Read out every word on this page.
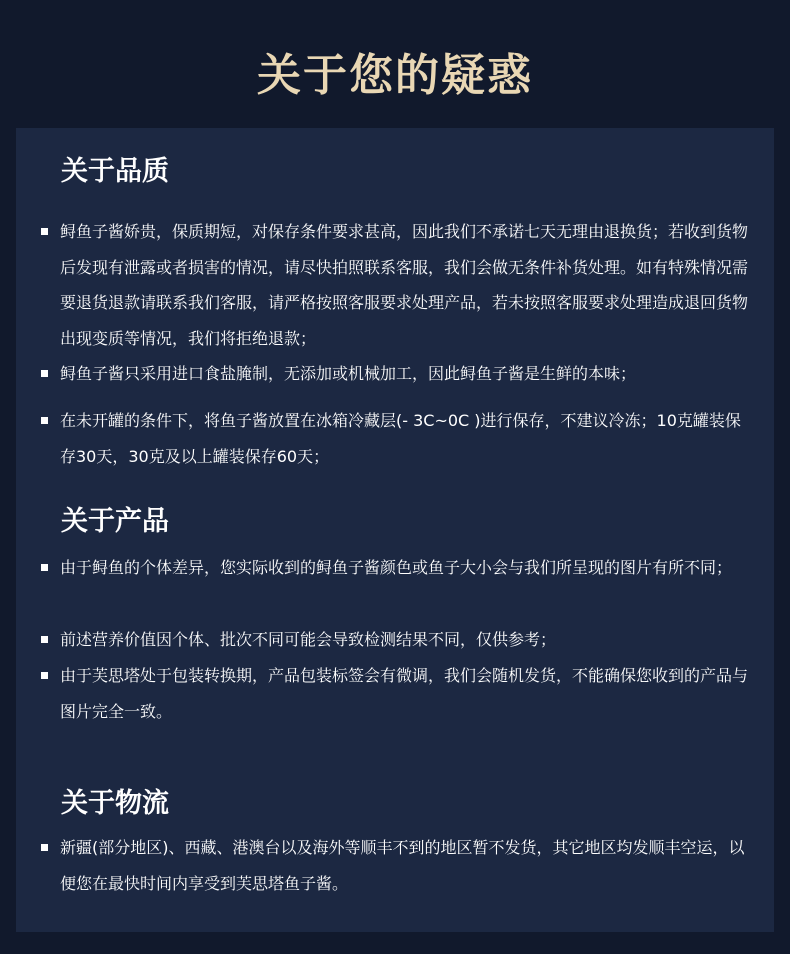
关于您的疑惑
关于品质

鲟鱼子酱娇贵，保质期短，对保存条件要求甚高，因此我们不承诺七天无理由退换货；若收到货物后发现有泄露或者损害的情况，请尽快拍照联系客服，我们会做无条件补货处理。如有特殊情况需要退货退款请联系我们客服，请严格按照客服要求处理产品，若未按照客服要求处理造成退回货物出现变质等情况，我们将拒绝退款；

鲟鱼子酱只采用进口食盐腌制，无添加或机械加工，因此鲟鱼子酱是生鲜的本味；

在未开罐的条件下，将鱼子酱放置在冰箱冷藏层(- 3C~0C )进行保存，不建议冷冻；10克罐装保存30天，30克及以上罐装保存60天；

关于产品

由于鲟鱼的个体差异，您实际收到的鲟鱼子酱颜色或鱼子大小会与我们所呈现的图片有所不同；

前述营养价值因个体、批次不同可能会导致检测结果不同，仅供参考；

由于芙思塔处于包装转换期，产品包装标签会有微调，我们会随机发货，不能确保您收到的产品与图片完全一致。

关于物流

新疆(部分地区)、西藏、港澳台以及海外等顺丰不到的地区暂不发货，其它地区均发顺丰空运，以便您在最快时间内享受到芙思塔鱼子酱。
